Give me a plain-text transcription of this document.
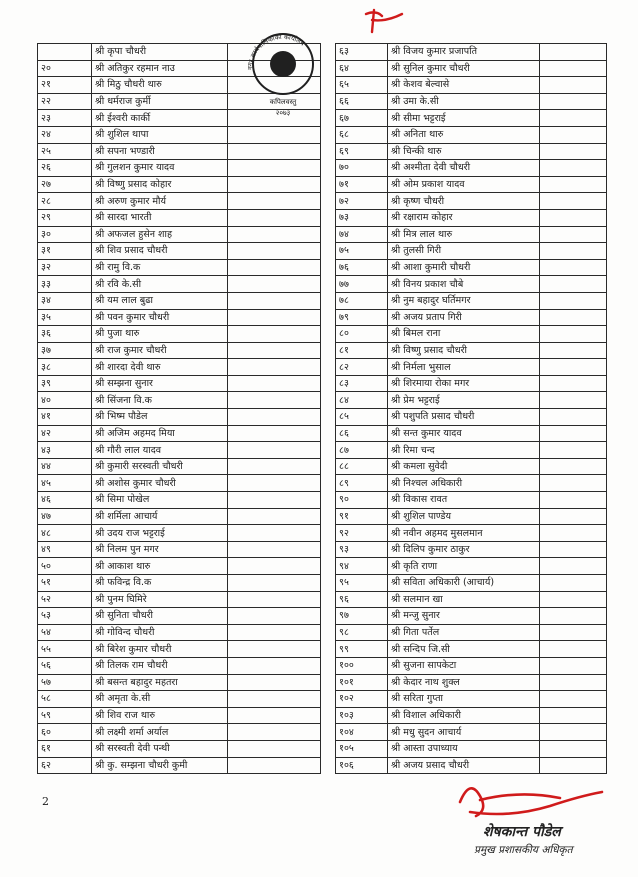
	श्री कृपा चौधरी	
२०	श्री अतिकुर रहमान नाउ	
२१	श्री मिठु चौधरी थारु	
२२	श्री धर्मराज कुर्मी	
२३	श्री ईश्वरी कार्की	
२४	श्री शुशिल थापा	
२५	श्री सपना भण्डारी	
२६	श्री गुलशन कुमार यादव	
२७	श्री विष्णु प्रसाद कोहार	
२८	श्री अरुण कुमार मौर्य	
२९	श्री सारदा भारती	
३०	श्री अफजल हुसेन शाह	
३१	श्री शिव प्रसाद चौधरी	
३२	श्री रामु वि.क	
३३	श्री रवि के.सी	
३४	श्री यम लाल बुढा	
३५	श्री पवन कुमार चौधरी	
३६	श्री पुजा थारु	
३७	श्री राज कुमार चौधरी	
३८	श्री शारदा देवी थारु	
३९	श्री सम्झना सुनार	
४०	श्री सिंजना वि.क	
४१	श्री भिष्म पौडेल	
४२	श्री अजिम अहमद मिया	
४३	श्री गौरी लाल यादव	
४४	श्री कुमारी सरस्वती चौधरी	
४५	श्री अशोस कुमार चौधरी	
४६	श्री सिमा पोखेल	
४७	श्री शर्मिला आचार्य	
४८	श्री उदय राज भट्टराई	
४९	श्री निलम पुन मगर	
५०	श्री आकाश थारु	
५१	श्री फविन्द्र वि.क	
५२	श्री पुनम घिमिरे	
५३	श्री सुनिता चौधरी	
५४	श्री गोविन्द चौधरी	
५५	श्री बिरेश कुमार चौधरी	
५६	श्री तिलक राम चौधरी	
५७	श्री बसन्त बहादुर महतरा	
५८	श्री अमृता के.सी	
५९	श्री शिव राज थारु	
६०	श्री लक्ष्मी शर्मा अर्याल	
६१	श्री सरस्वती देवी पन्थी	
६२	श्री कु. सम्झना चौधरी कुमी	
६३	श्री विजय कुमार प्रजापति	
६४	श्री सुनिल कुमार चौधरी	
६५	श्री केशव बेल्वासे	
६६	श्री उमा के.सी	
६७	श्री सीमा भट्टराई	
६८	श्री अनिता थारु	
६९	श्री चिन्की थारु	
७०	श्री अश्मीता देवी चौधरी	
७१	श्री ओम प्रकाश यादव	
७२	श्री कृष्ण चौधरी	
७३	श्री रक्षाराम कोहार	
७४	श्री मित्र लाल थारु	
७५	श्री तुलसी गिरी	
७६	श्री आशा कुमारी चौधरी	
७७	श्री विनय प्रकाश चौबे	
७८	श्री नुम बहादुर घर्तिमगर	
७९	श्री अजय प्रताप गिरी	
८०	श्री बिमल राना	
८१	श्री विष्णु प्रसाद चौधरी	
८२	श्री निर्मला भुसाल	
८३	श्री शिरमाया रोका मगर	
८४	श्री प्रेम भट्टराई	
८५	श्री पशुपति प्रसाद चौधरी	
८६	श्री सन्त कुमार यादव	
८७	श्री रिमा चन्द	
८८	श्री कमला सुवेदी	
८९	श्री निश्चल अधिकारी	
९०	श्री विकास रावत	
९१	श्री शुशिल पाण्डेय	
९२	श्री नवीन अहमद मुसलमान	
९३	श्री दिलिप कुमार ठाकुर	
९४	श्री कृति राणा	
९५	श्री सविता अधिकारी (आचार्य)	
९६	श्री सलमान खा	
९७	श्री मन्जु सुनार	
९८	श्री गिता पर्तेल	
९९	श्री सन्दिप जि.सी	
१००	श्री सुजना सापकेटा	
१०१	श्री केदार नाथ शुक्ल	
१०२	श्री सरिता गुप्ता	
१०३	श्री विशाल अधिकारी	
१०४	श्री मधु सुदन आचार्य	
१०५	श्री आस्ता उपाध्याय	
१०६	श्री अजय प्रसाद चौधरी	
नगर कार्यपालिकाको कार्यालय
कपिलवस्तु
२०७३
2
शेषकान्त पौडेल
प्रमुख प्रशासकीय अधिकृत
